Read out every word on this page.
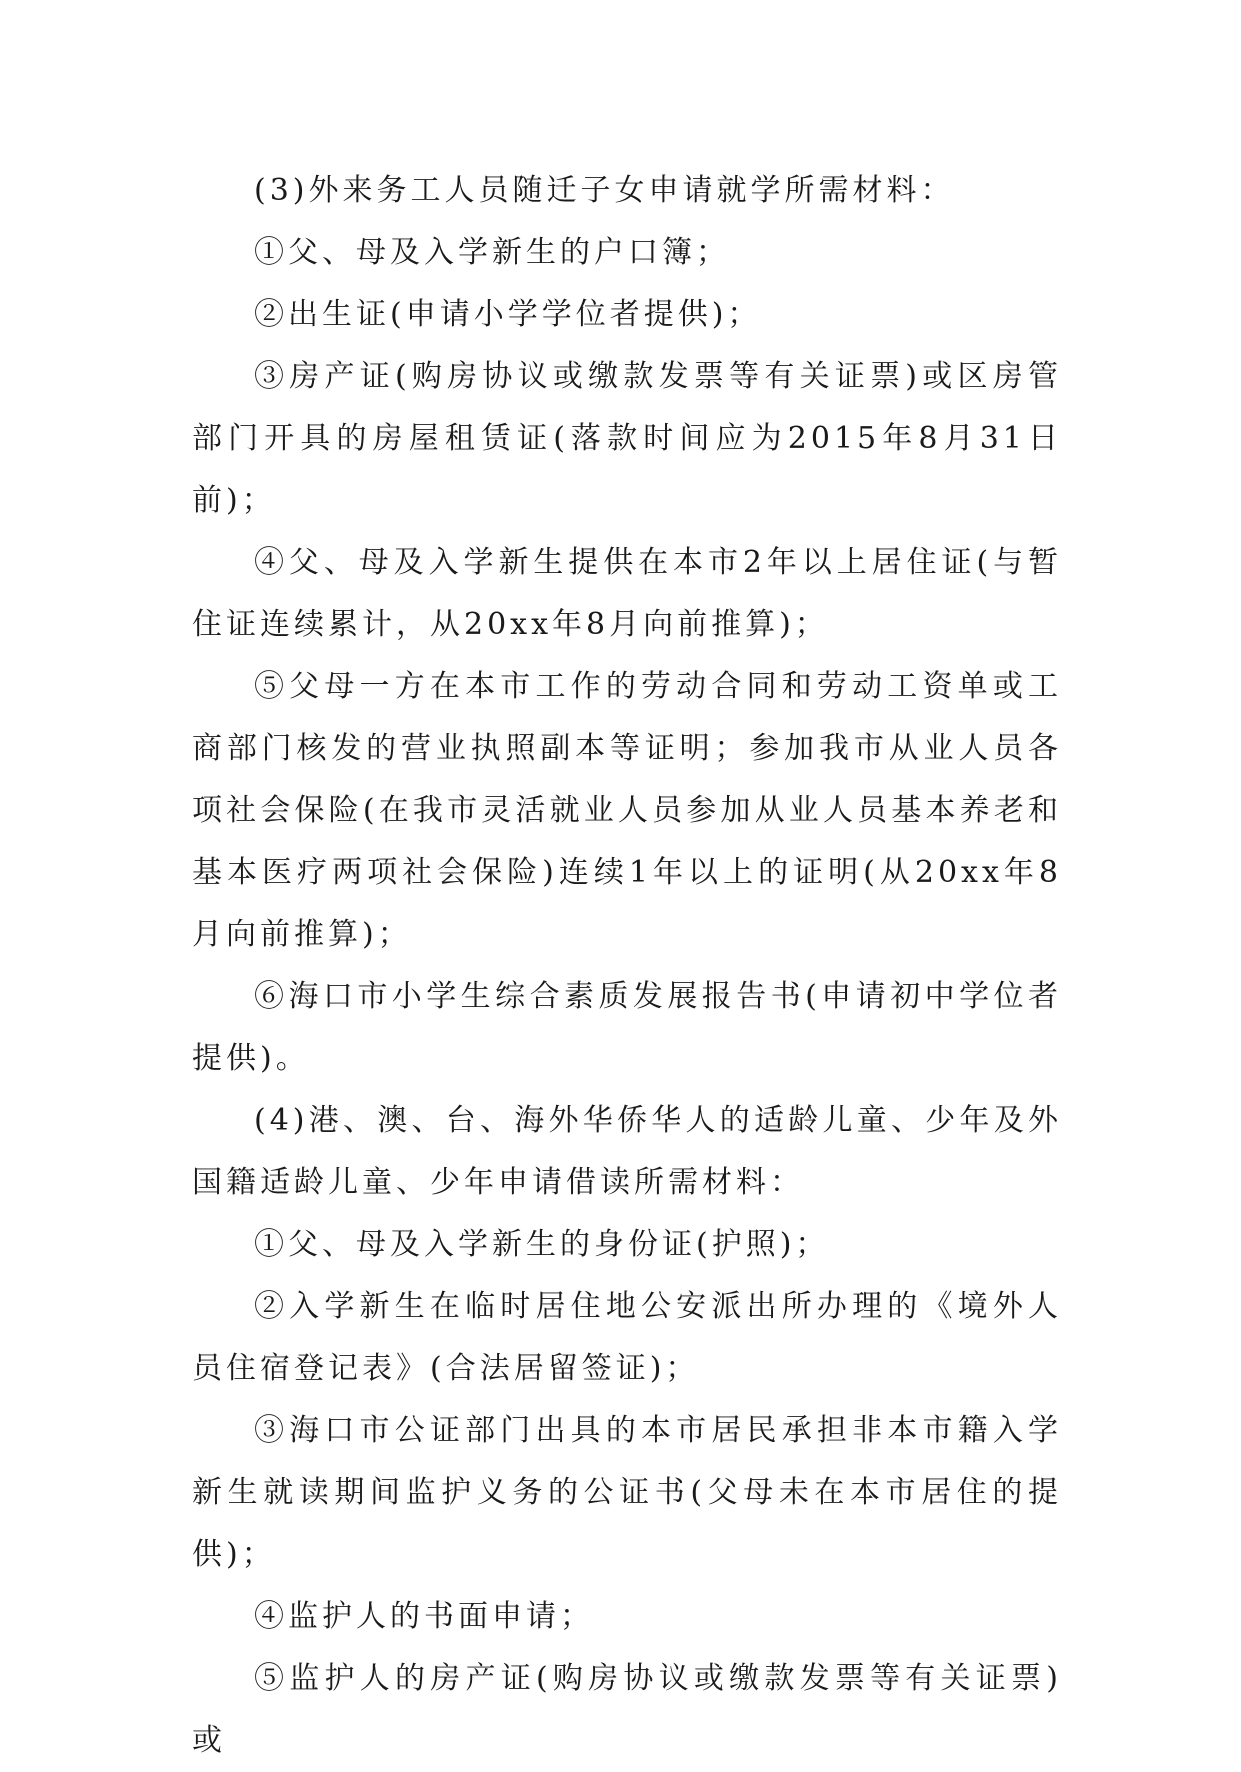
(3)外来务工人员随迁子女申请就学所需材料：

①父、母及入学新生的户口簿；

②出生证(申请小学学位者提供)；

③房产证(购房协议或缴款发票等有关证票)或区房管部门开具的房屋租赁证(落款时间应为2015年8月31日前)；

④父、母及入学新生提供在本市2年以上居住证(与暂住证连续累计，从20xx年8月向前推算)；

⑤父母一方在本市工作的劳动合同和劳动工资单或工商部门核发的营业执照副本等证明；参加我市从业人员各项社会保险(在我市灵活就业人员参加从业人员基本养老和基本医疗两项社会保险)连续1年以上的证明(从20xx年8月向前推算)；

⑥海口市小学生综合素质发展报告书(申请初中学位者提供)。

(4)港、澳、台、海外华侨华人的适龄儿童、少年及外国籍适龄儿童、少年申请借读所需材料：

①父、母及入学新生的身份证(护照)；

②入学新生在临时居住地公安派出所办理的《境外人员住宿登记表》(合法居留签证)；

③海口市公证部门出具的本市居民承担非本市籍入学新生就读期间监护义务的公证书(父母未在本市居住的提供)；

④监护人的书面申请；

⑤监护人的房产证(购房协议或缴款发票等有关证票)或
